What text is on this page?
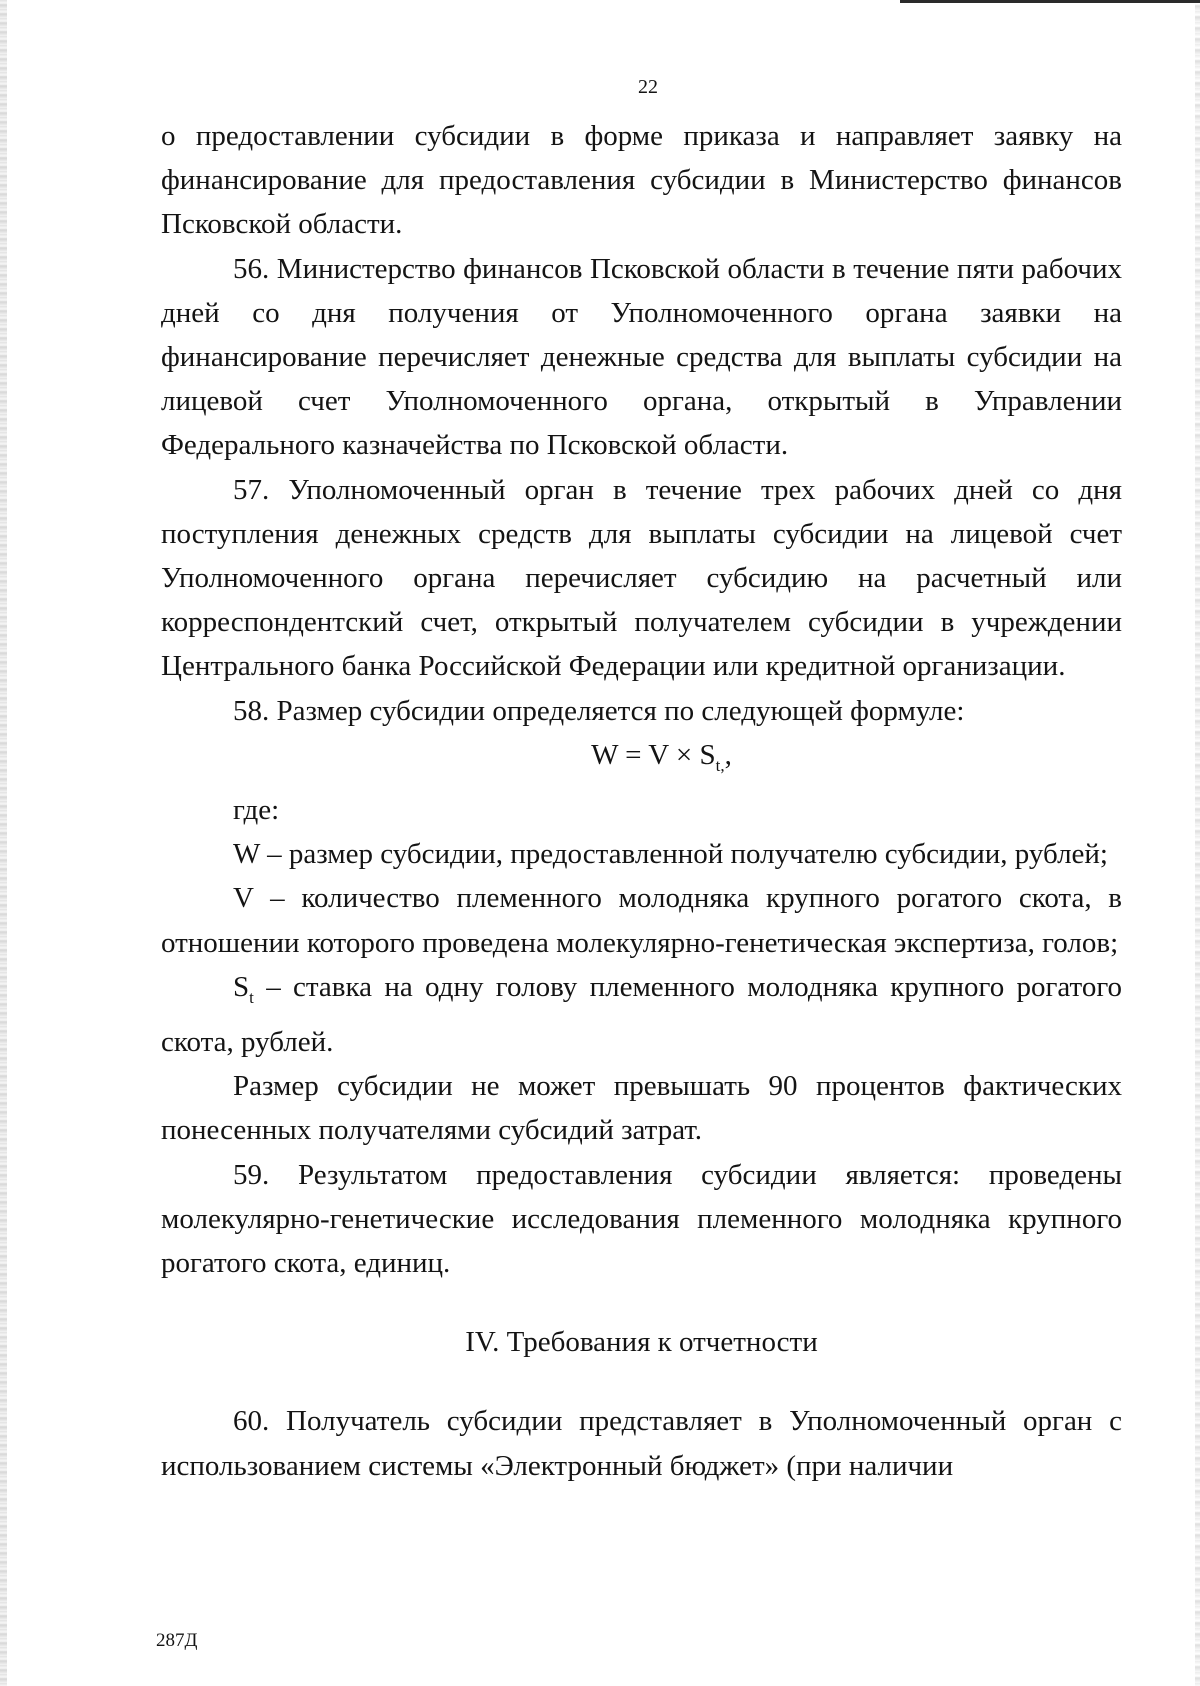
22

о предоставлении субсидии в форме приказа и направляет заявку на финансирование для предоставления субсидии в Министерство финансов Псковской области.

56. Министерство финансов Псковской области в течение пяти рабочих дней со дня получения от Уполномоченного органа заявки на финансирование перечисляет денежные средства для выплаты субсидии на лицевой счет Уполномоченного органа, открытый в Управлении Федерального казначейства по Псковской области.

57. Уполномоченный орган в течение трех рабочих дней со дня поступления денежных средств для выплаты субсидии на лицевой счет Уполномоченного органа перечисляет субсидию на расчетный или корреспондентский счет, открытый получателем субсидии в учреждении Центрального банка Российской Федерации или кредитной организации.

58. Размер субсидии определяется по следующей формуле:

$W = V \times S_{t,}$,

где:

W – размер субсидии, предоставленной получателю субсидии, рублей;

V – количество племенного молодняка крупного рогатого скота, в отношении которого проведена молекулярно-генетическая экспертиза, голов;

$S_t$ – ставка на одну голову племенного молодняка крупного рогатого скота, рублей.

Размер субсидии не может превышать 90 процентов фактических понесенных получателями субсидий затрат.

59. Результатом предоставления субсидии является: проведены молекулярно-генетические исследования племенного молодняка крупного рогатого скота, единиц.

IV. Требования к отчетности

60. Получатель субсидии представляет в Уполномоченный орган с использованием системы «Электронный бюджет» (при наличии

287Д
